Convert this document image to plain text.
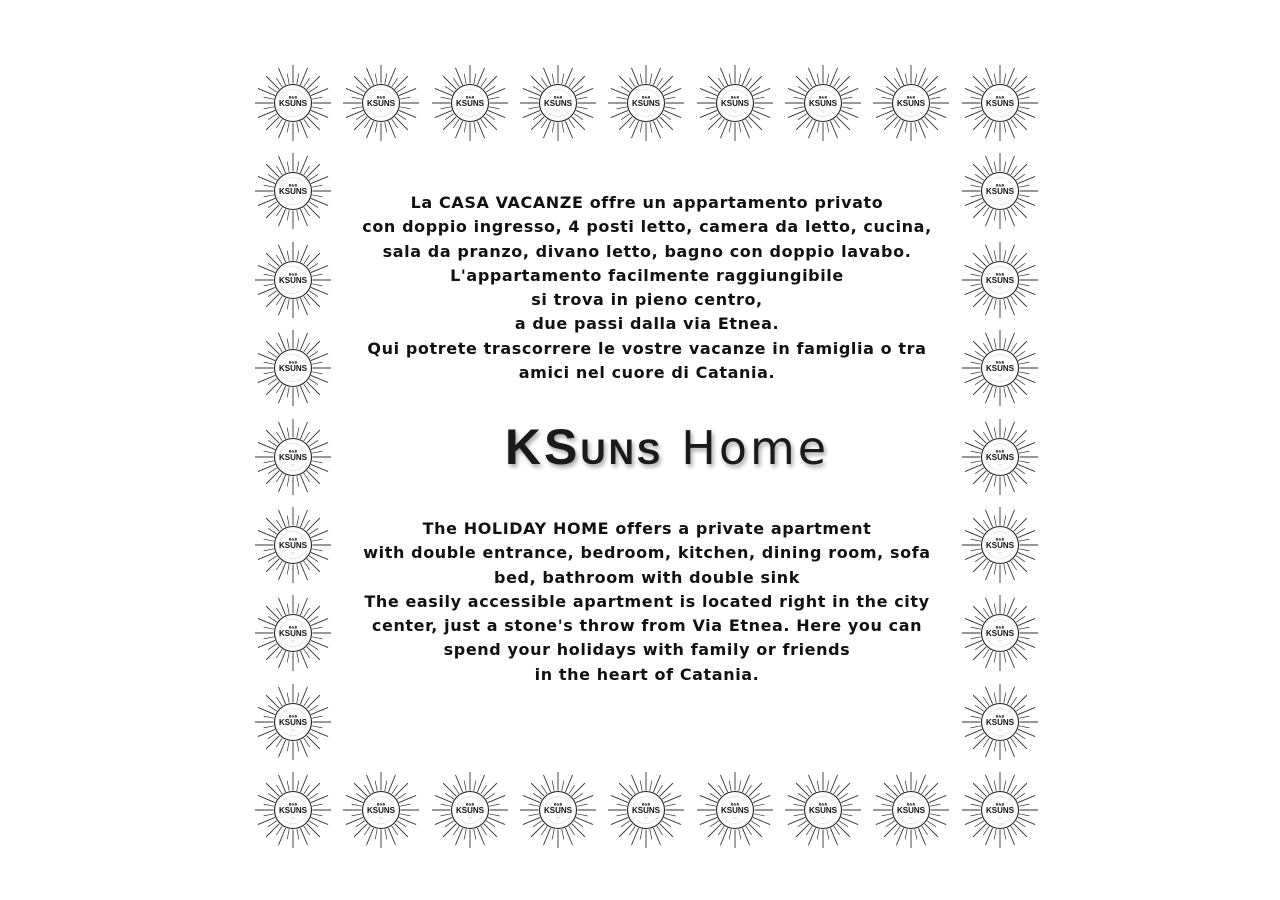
B&B
KSUNS
♡
B&B
KSUNS
♡
B&B
KSUNS
♡
B&B
KSUNS
♡
B&B
KSUNS
♡
B&B
KSUNS
♡
B&B
KSUNS
♡
B&B
KSUNS
♡
B&B
KSUNS
♡
B&B
KSUNS
♡
B&B
KSUNS
♡
B&B
KSUNS
♡
B&B
KSUNS
♡
B&B
KSUNS
♡
B&B
KSUNS
♡
B&B
KSUNS
♡
B&B
KSUNS
♡
B&B
KSUNS
♡
B&B
KSUNS
♡
B&B
KSUNS
♡
B&B
KSUNS
♡
B&B
KSUNS
♡
B&B
KSUNS
♡
B&B
KSUNS
♡
B&B
KSUNS
♡
B&B
KSUNS
♡
B&B
KSUNS
♡
B&B
KSUNS
♡
B&B
KSUNS
♡
B&B
KSUNS
♡
B&B
KSUNS
♡
B&B
KSUNS
♡
La CASA VACANZE offre un appartamento privato
con doppio ingresso, 4 posti letto, camera da letto, cucina,
sala da pranzo, divano letto, bagno con doppio lavabo.
L'appartamento facilmente raggiungibile
si trova in pieno centro,
a due passi dalla via Etnea.
Qui potrete trascorrere le vostre vacanze in famiglia o tra
amici nel cuore di Catania.
KSuns Home
The HOLIDAY HOME offers a private apartment
with double entrance, bedroom, kitchen, dining room, sofa
bed, bathroom with double sink
The easily accessible apartment is located right in the city
center, just a stone's throw from Via Etnea. Here you can
spend your holidays with family or friends
in the heart of Catania.
